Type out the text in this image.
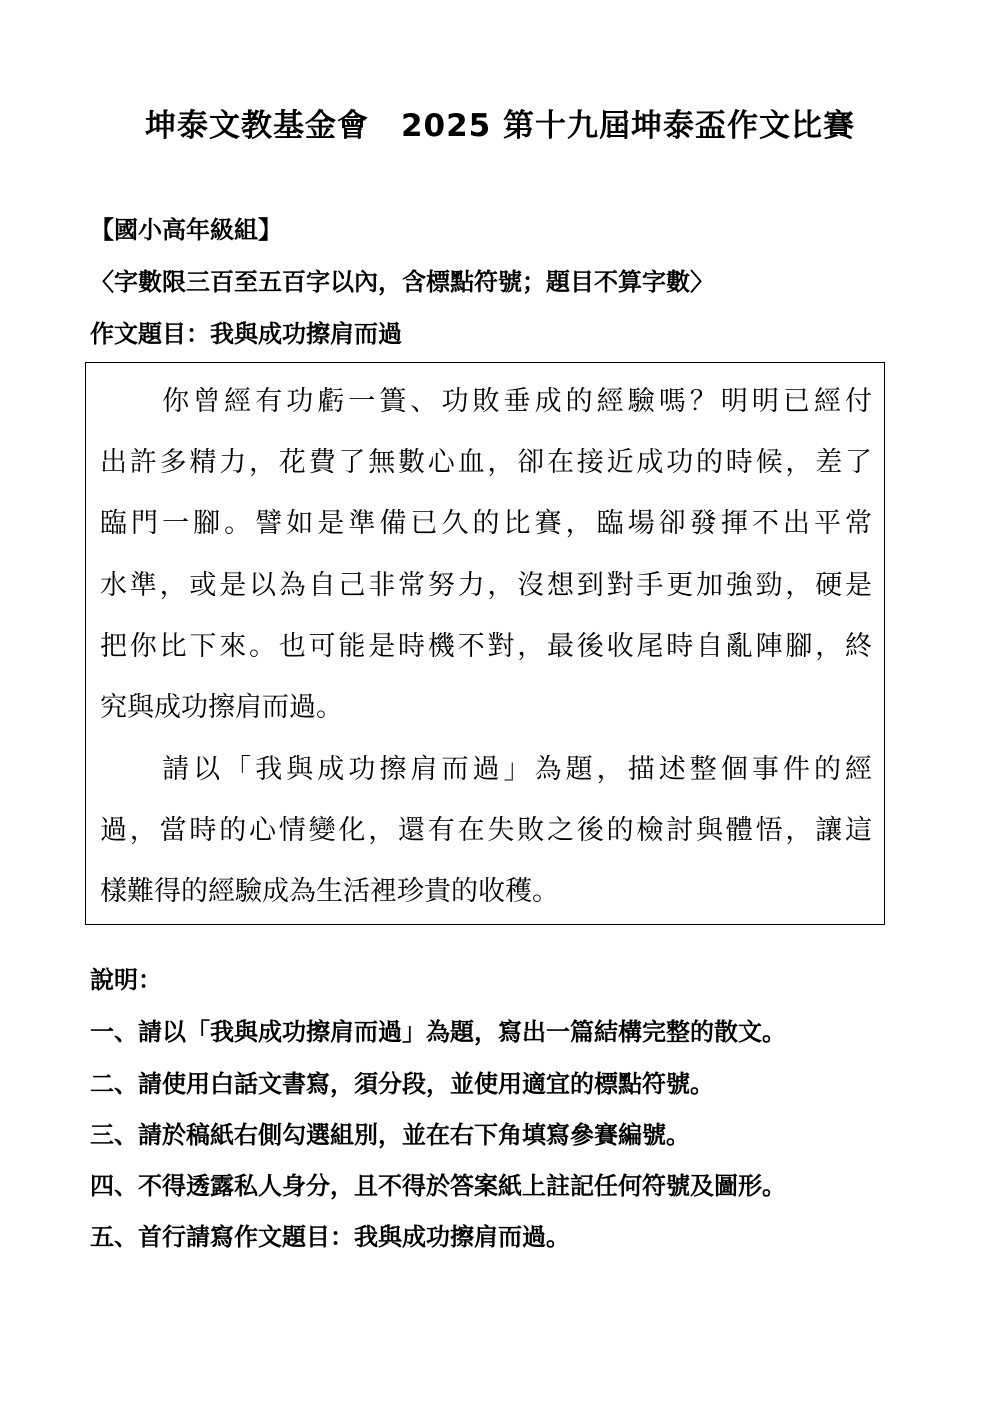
坤泰文教基金會　2025 第十九屆坤泰盃作文比賽
【國小高年級組】
〈字數限三百至五百字以內，含標點符號；題目不算字數〉
作文題目：我與成功擦肩而過
　　你曾經有功虧一簣、功敗垂成的經驗嗎？明明已經付
出許多精力，花費了無數心血，卻在接近成功的時候，差了
臨門一腳。譬如是準備已久的比賽，臨場卻發揮不出平常
水準，或是以為自己非常努力，沒想到對手更加強勁，硬是
把你比下來。也可能是時機不對，最後收尾時自亂陣腳，終
究與成功擦肩而過。
　　請以「我與成功擦肩而過」為題，描述整個事件的經
過，當時的心情變化，還有在失敗之後的檢討與體悟，讓這
樣難得的經驗成為生活裡珍貴的收穫。
說明：
一、請以「我與成功擦肩而過」為題，寫出一篇結構完整的散文。
二、請使用白話文書寫，須分段，並使用適宜的標點符號。
三、請於稿紙右側勾選組別，並在右下角填寫參賽編號。
四、不得透露私人身分，且不得於答案紙上註記任何符號及圖形。
五、首行請寫作文題目：我與成功擦肩而過。
